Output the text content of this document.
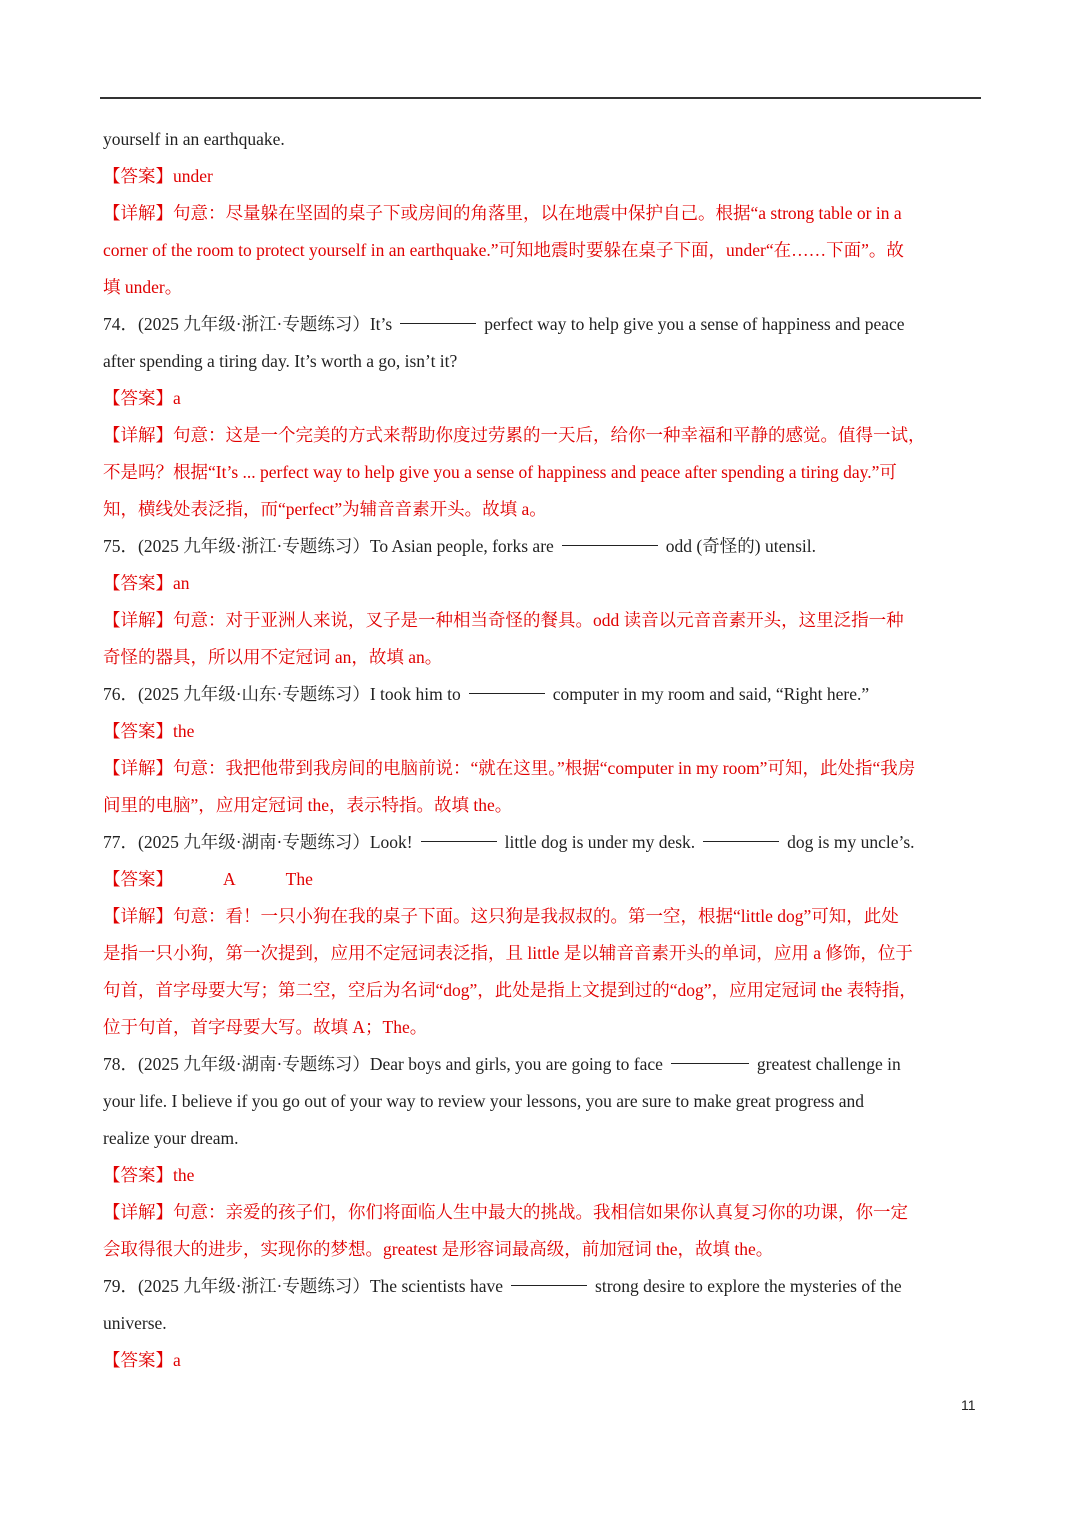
yourself in an earthquake.
【答案】under
【详解】句意：尽量躲在坚固的桌子下或房间的角落里，以在地震中保护自己。根据“a strong table or in a
corner of the room to protect yourself in an earthquake.”可知地震时要躲在桌子下面，under“在……下面”。故
填 under。
74．(2025 九年级·浙江·专题练习）It’s	perfect way to help give you a sense of happiness and peace
after spending a tiring day. It’s worth a go, isn’t it?
【答案】a
【详解】句意：这是一个完美的方式来帮助你度过劳累的一天后，给你一种幸福和平静的感觉。值得一试，
不是吗？根据“It’s ... perfect way to help give you a sense of happiness and peace after spending a tiring day.”可
知，横线处表泛指，而“perfect”为辅音音素开头。故填 a。
75．(2025 九年级·浙江·专题练习）To Asian people, forks are	odd (奇怪的) utensil.
【答案】an
【详解】句意：对于亚洲人来说，叉子是一种相当奇怪的餐具。odd 读音以元音音素开头，这里泛指一种
奇怪的器具，所以用不定冠词 an，故填 an。
76．(2025 九年级·山东·专题练习）I took him to	computer in my room and said, “Right here.”
【答案】the
【详解】句意：我把他带到我房间的电脑前说：“就在这里。”根据“computer in my room”可知，此处指“我房
间里的电脑”，应用定冠词 the，表示特指。故填 the。
77．(2025 九年级·湖南·专题练习）Look!	little dog is under my desk.	dog is my uncle’s.
【答案】	A	The
【详解】句意：看！一只小狗在我的桌子下面。这只狗是我叔叔的。第一空，根据“little dog”可知，此处
是指一只小狗，第一次提到，应用不定冠词表泛指，且 little 是以辅音音素开头的单词，应用 a 修饰，位于
句首，首字母要大写；第二空，空后为名词“dog”，此处是指上文提到过的“dog”，应用定冠词 the 表特指，
位于句首，首字母要大写。故填 A；The。
78．(2025 九年级·湖南·专题练习）Dear boys and girls, you are going to face	greatest challenge in
your life. I believe if you go out of your way to review your lessons, you are sure to make great progress and
realize your dream.
【答案】the
【详解】句意：亲爱的孩子们，你们将面临人生中最大的挑战。我相信如果你认真复习你的功课，你一定
会取得很大的进步，实现你的梦想。greatest 是形容词最高级，前加冠词 the，故填 the。
79．(2025 九年级·浙江·专题练习）The scientists have	strong desire to explore the mysteries of the
universe.
【答案】a
11
